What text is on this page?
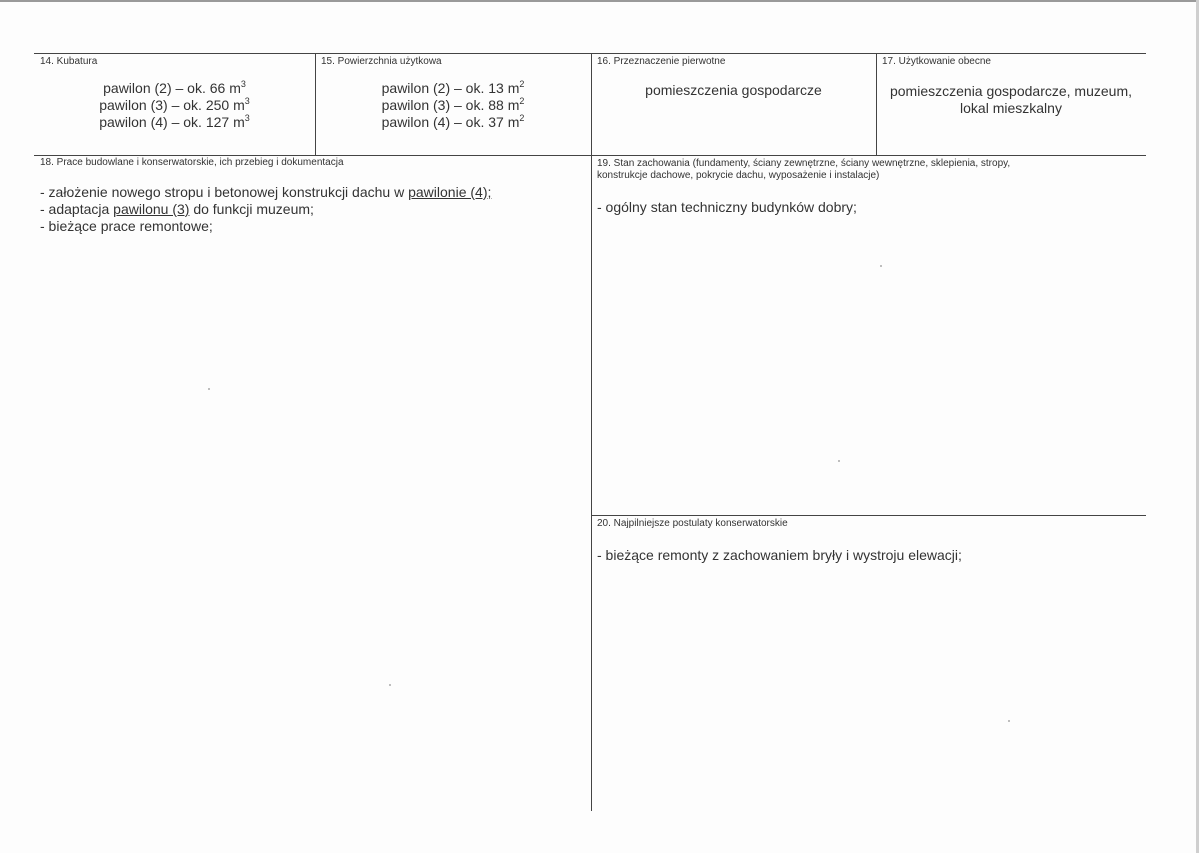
14. Kubatura
pawilon (2) – ok. 66 $m^3$
pawilon (3) – ok. 250 $m^3$
pawilon (4) – ok. 127 $m^3$
15. Powierzchnia użytkowa
pawilon (2) – ok. 13 $m^2$
pawilon (3) – ok. 88 $m^2$
pawilon (4) – ok. 37 $m^2$
16. Przeznaczenie pierwotne
pomieszczenia gospodarcze
17. Użytkowanie obecne
pomieszczenia gospodarcze, muzeum,
lokal mieszkalny
18. Prace budowlane i konserwatorskie, ich przebieg i dokumentacja
- założenie nowego stropu i betonowej konstrukcji dachu w pawilonie (4);
- adaptacja pawilonu (3) do funkcji muzeum;
- bieżące prace remontowe;
19. Stan zachowania (fundamenty, ściany zewnętrzne, ściany wewnętrzne, sklepienia, stropy,
konstrukcje dachowe, pokrycie dachu, wyposażenie i instalacje)
- ogólny stan techniczny budynków dobry;
20. Najpilniejsze postulaty konserwatorskie
- bieżące remonty z zachowaniem bryły i wystroju elewacji;
